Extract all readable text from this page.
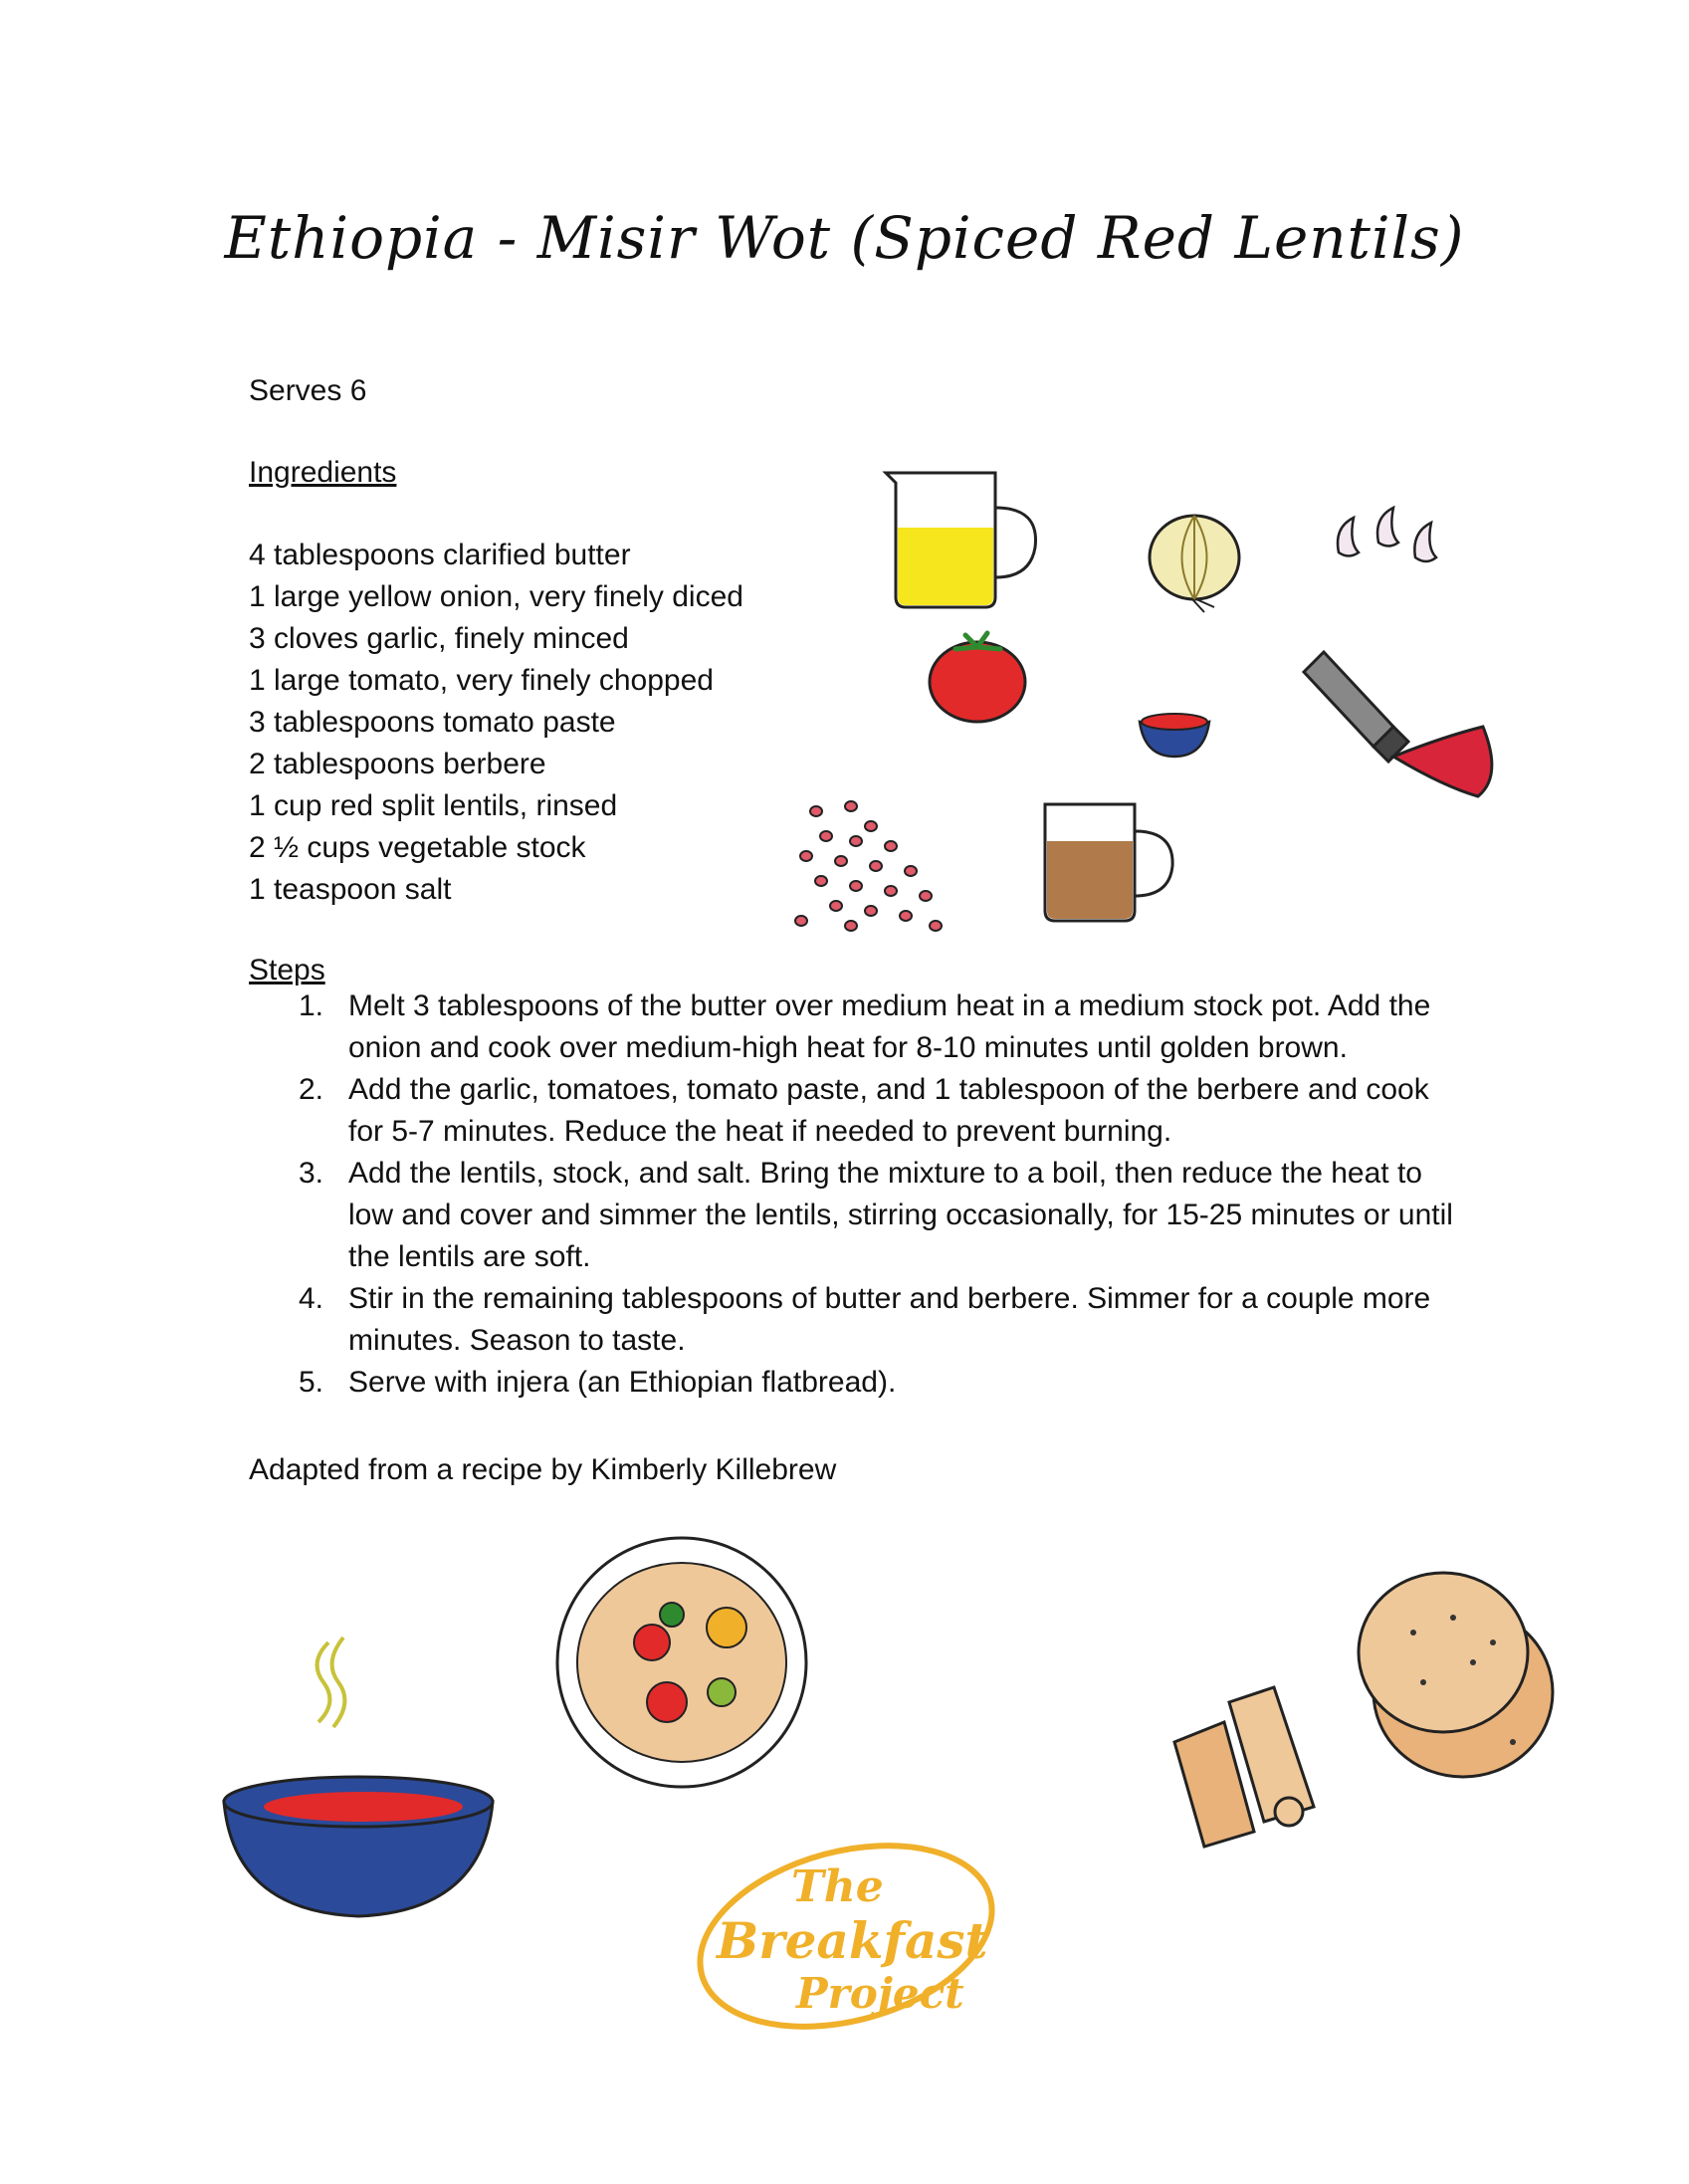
Ethiopia - Misir Wot (Spiced Red Lentils)
Serves 6
Ingredients
4 tablespoons clarified butter
1 large yellow onion, very finely diced
3 cloves garlic, finely minced
1 large tomato, very finely chopped
3 tablespoons tomato paste
2 tablespoons berbere
1 cup red split lentils, rinsed
2 ½ cups vegetable stock
1 teaspoon salt
Steps
1. Melt 3 tablespoons of the butter over medium heat in a medium stock pot. Add the onion and cook over medium-high heat for 8-10 minutes until golden brown.
2. Add the garlic, tomatoes, tomato paste, and 1 tablespoon of the berbere and cook for 5-7 minutes. Reduce the heat if needed to prevent burning.
3. Add the lentils, stock, and salt. Bring the mixture to a boil, then reduce the heat to low and cover and simmer the lentils, stirring occasionally, for 15-25 minutes or until the lentils are soft.
4. Stir in the remaining tablespoons of butter and berbere. Simmer for a couple more minutes. Season to taste.
5. Serve with injera (an Ethiopian flatbread).
Adapted from a recipe by Kimberly Killebrew
The
Breakfast
Project
